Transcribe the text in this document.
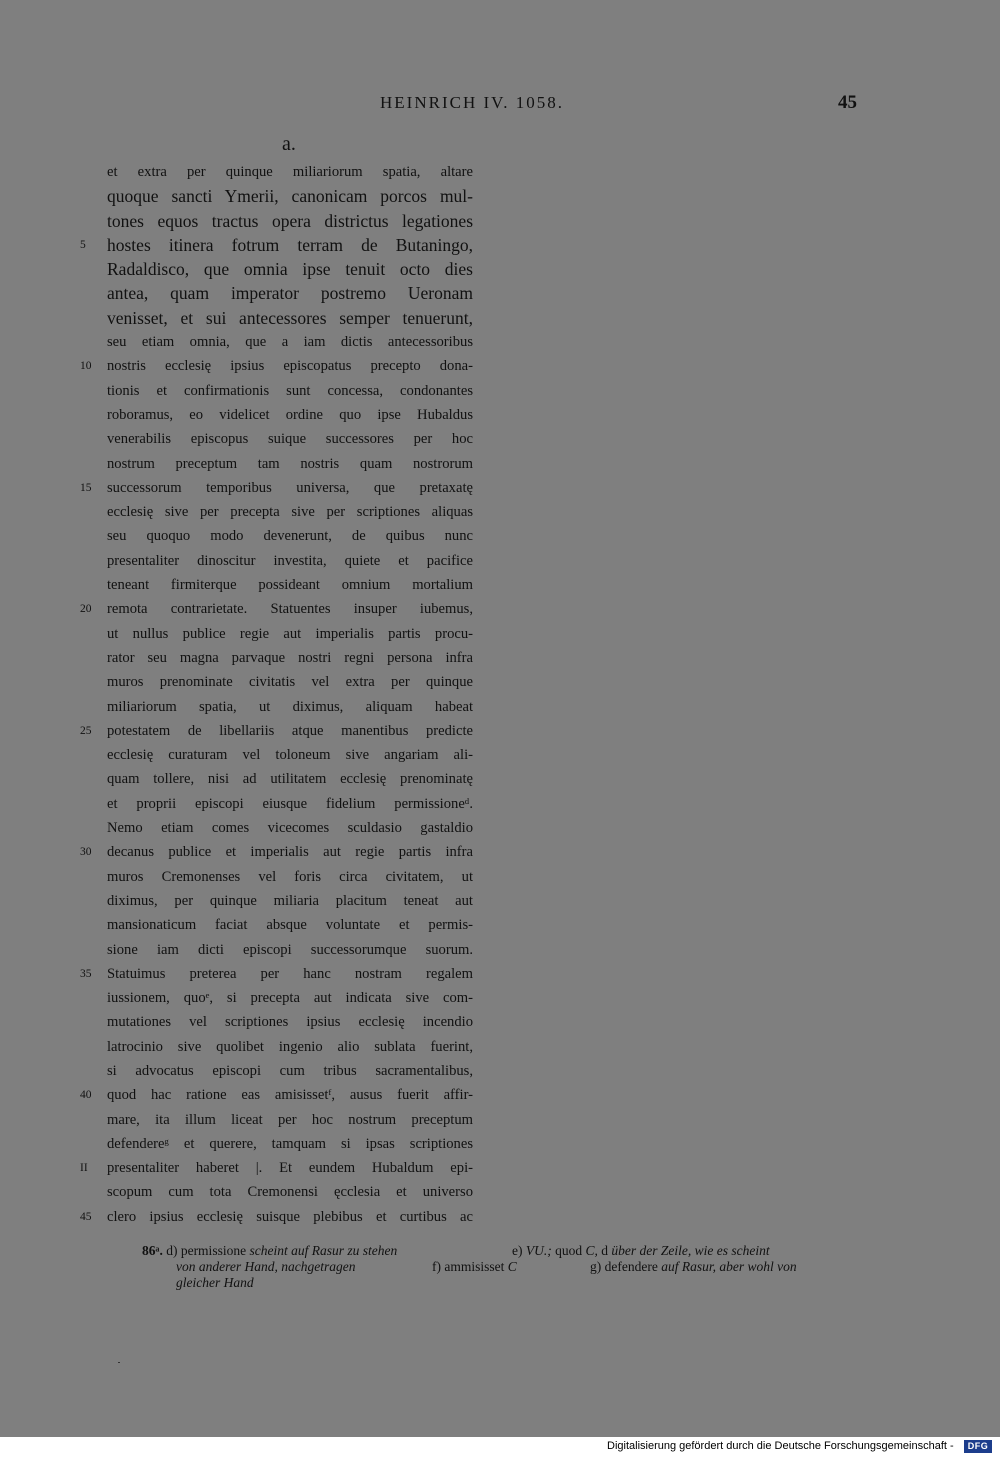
HEINRICH IV. 1058.	45
a.
et extra per quinque miliariorum spatia, altare
quoque sancti Ymerii, canonicam porcos mul-
tones equos tractus opera districtus legationes
5	hostes itinera fotrum terram de Butaningo,
Radaldisco, que omnia ipse tenuit octo dies
antea, quam imperator postremo Ueronam
venisset, et sui antecessores semper tenuerunt,
seu etiam omnia, que a iam dictis antecessoribus
10	nostris ecclesię ipsius episcopatus precepto dona-
tionis et confirmationis sunt concessa, condonantes
roboramus, eo videlicet ordine quo ipse Hubaldus
venerabilis episcopus suique successores per hoc
nostrum preceptum tam nostris quam nostrorum
15	successorum temporibus universa, que pretaxatę
ecclesię sive per precepta sive per scriptiones aliquas
seu quoquo modo devenerunt, de quibus nunc
presentaliter dinoscitur investita, quiete et pacifice
teneant firmiterque possideant omnium mortalium
20	remota contrarietate. Statuentes insuper iubemus,
ut nullus publice regie aut imperialis partis procu-
rator seu magna parvaque nostri regni persona infra
muros prenominate civitatis vel extra per quinque
miliariorum spatia, ut diximus, aliquam habeat
25	potestatem de libellariis atque manentibus predicte
ecclesię curaturam vel toloneum sive angariam ali-
quam tollere, nisi ad utilitatem ecclesię prenominatę
et proprii episcopi eiusque fidelium permissioneᵈ.
Nemo etiam comes vicecomes sculdasio gastaldio
30	decanus publice et imperialis aut regie partis infra
muros Cremonenses vel foris circa civitatem, ut
diximus, per quinque miliaria placitum teneat aut
mansionaticum faciat absque voluntate et permis-
sione iam dicti episcopi successorumque suorum.
35	Statuimus preterea per hanc nostram regalem
iussionem, quoᵉ, si precepta aut indicata sive com-
mutationes vel scriptiones ipsius ecclesię incendio
latrocinio sive quolibet ingenio alio sublata fuerint,
si advocatus episcopi cum tribus sacramentalibus,
40	quod hac ratione eas amisissetᶠ, ausus fuerit affir-
mare, ita illum liceat per hoc nostrum preceptum
defendereᵍ et querere, tamquam si ipsas scriptiones
II	presentaliter haberet |. Et eundem Hubaldum epi-
scopum cum tota Cremonensi ęcclesia et universo
45	clero ipsius ecclesię suisque plebibus et curtibus ac
86ᵃ. d) permissione scheint auf Rasur zu stehen	e) VU.; quod C, d über der Zeile, wie es scheint
von anderer Hand, nachgetragen	f) ammisisset C	g) defendere auf Rasur, aber wohl von
gleicher Hand
Digitalisierung gefördert durch die Deutsche Forschungsgemeinschaft -	DFG
